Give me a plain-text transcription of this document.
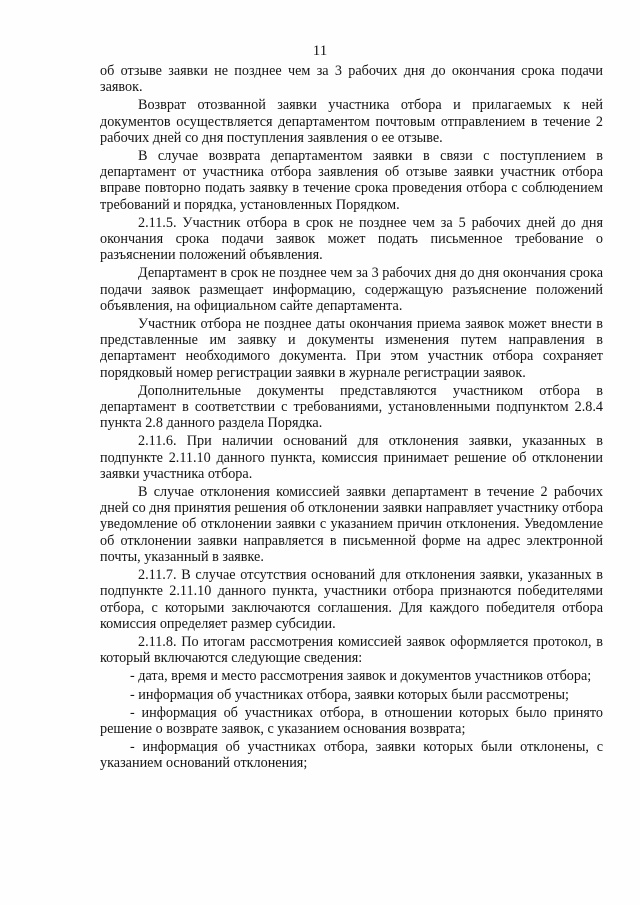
11

об отзыве заявки не позднее чем за 3 рабочих дня до окончания срока подачи заявок.

Возврат отозванной заявки участника отбора и прилагаемых к ней документов осуществляется департаментом почтовым отправлением в течение 2 рабочих дней со дня поступления заявления о ее отзыве.

В случае возврата департаментом заявки в связи с поступлением в департамент от участника отбора заявления об отзыве заявки участник отбора вправе повторно подать заявку в течение срока проведения отбора с соблюдением требований и порядка, установленных Порядком.

2.11.5. Участник отбора в срок не позднее чем за 5 рабочих дней до дня окончания срока подачи заявок может подать письменное требование о разъяснении положений объявления.

Департамент в срок не позднее чем за 3 рабочих дня до дня окончания срока подачи заявок размещает информацию, содержащую разъяснение положений объявления, на официальном сайте департамента.

Участник отбора не позднее даты окончания приема заявок может внести в представленные им заявку и документы изменения путем направления в департамент необходимого документа. При этом участник отбора сохраняет порядковый номер регистрации заявки в журнале регистрации заявок.

Дополнительные документы представляются участником отбора в департамент в соответствии с требованиями, установленными подпунктом 2.8.4 пункта 2.8 данного раздела Порядка.

2.11.6. При наличии оснований для отклонения заявки, указанных в подпункте 2.11.10 данного пункта, комиссия принимает решение об отклонении заявки участника отбора.

В случае отклонения комиссией заявки департамент в течение 2 рабочих дней со дня принятия решения об отклонении заявки направляет участнику отбора уведомление об отклонении заявки с указанием причин отклонения. Уведомление об отклонении заявки направляется в письменной форме на адрес электронной почты, указанный в заявке.

2.11.7. В случае отсутствия оснований для отклонения заявки, указанных в подпункте 2.11.10 данного пункта, участники отбора признаются победителями отбора, с которыми заключаются соглашения. Для каждого победителя отбора комиссия определяет размер субсидии.

2.11.8. По итогам рассмотрения комиссией заявок оформляется протокол, в который включаются следующие сведения:

- дата, время и место рассмотрения заявок и документов участников отбора;

- информация об участниках отбора, заявки которых были рассмотрены;

- информация об участниках отбора, в отношении которых было принято решение о возврате заявок, с указанием основания возврата;

- информация об участниках отбора, заявки которых были отклонены, с указанием оснований отклонения;
